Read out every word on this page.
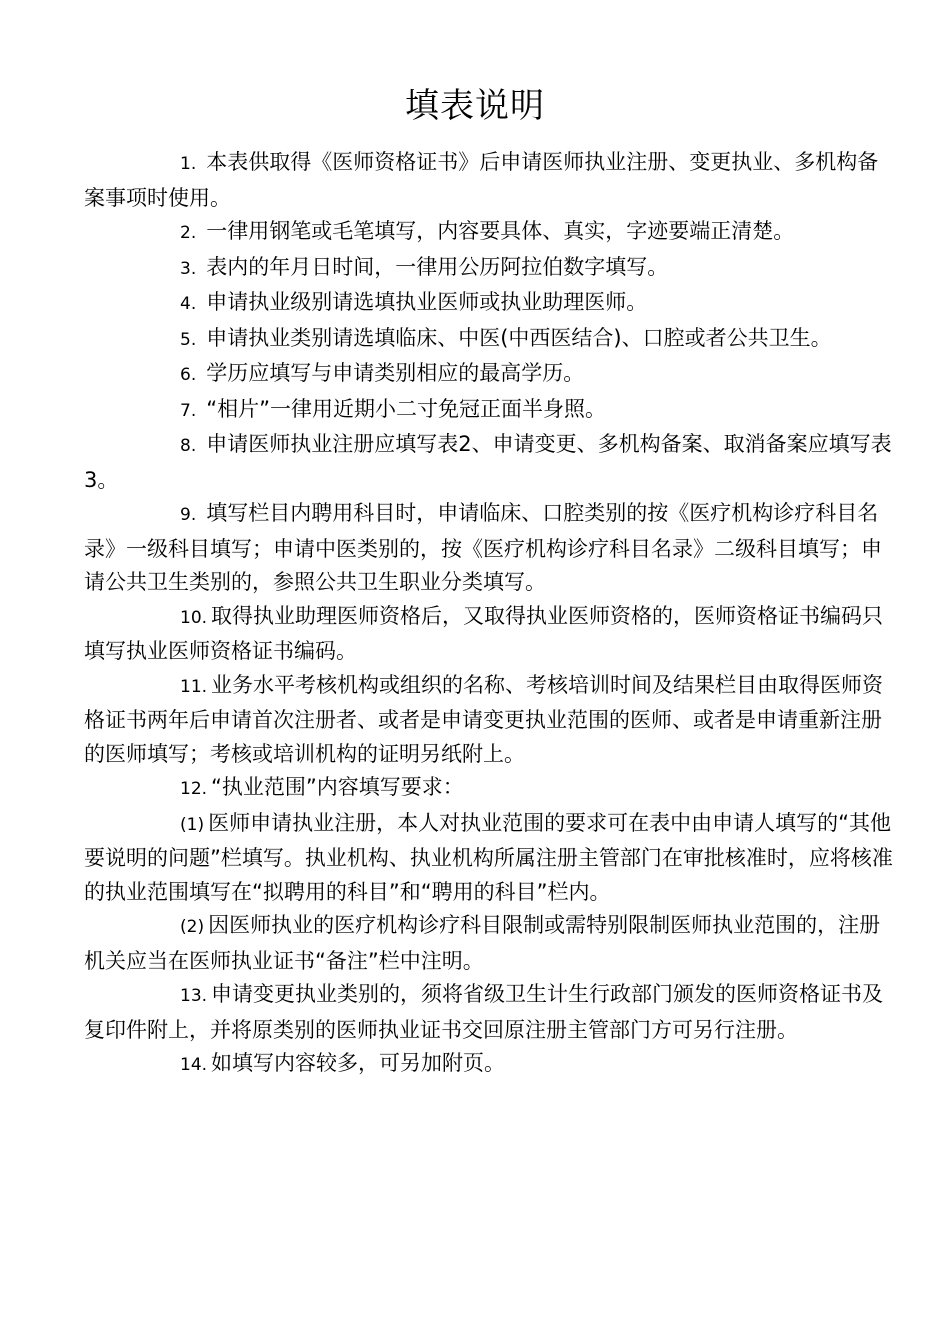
填表说明

1. 本表供取得《医师资格证书》后申请医师执业注册、变更执业、多机构备案事项时使用。

2. 一律用钢笔或毛笔填写，内容要具体、真实，字迹要端正清楚。

3. 表内的年月日时间，一律用公历阿拉伯数字填写。

4. 申请执业级别请选填执业医师或执业助理医师。

5. 申请执业类别请选填临床、中医(中西医结合)、口腔或者公共卫生。

6. 学历应填写与申请类别相应的最高学历。

7. “相片”一律用近期小二寸免冠正面半身照。

8. 申请医师执业注册应填写表2、申请变更、多机构备案、取消备案应填写表3。

9. 填写栏目内聘用科目时，申请临床、口腔类别的按《医疗机构诊疗科目名录》一级科目填写；申请中医类别的，按《医疗机构诊疗科目名录》二级科目填写；申请公共卫生类别的，参照公共卫生职业分类填写。

10. 取得执业助理医师资格后，又取得执业医师资格的，医师资格证书编码只填写执业医师资格证书编码。

11. 业务水平考核机构或组织的名称、考核培训时间及结果栏目由取得医师资格证书两年后申请首次注册者、或者是申请变更执业范围的医师、或者是申请重新注册的医师填写；考核或培训机构的证明另纸附上。

12. “执业范围”内容填写要求：

(1) 医师申请执业注册，本人对执业范围的要求可在表中由申请人填写的“其他要说明的问题”栏填写。执业机构、执业机构所属注册主管部门在审批核准时，应将核准的执业范围填写在“拟聘用的科目”和“聘用的科目”栏内。

(2) 因医师执业的医疗机构诊疗科目限制或需特别限制医师执业范围的，注册机关应当在医师执业证书“备注”栏中注明。

13. 申请变更执业类别的，须将省级卫生计生行政部门颁发的医师资格证书及复印件附上，并将原类别的医师执业证书交回原注册主管部门方可另行注册。

14. 如填写内容较多，可另加附页。
